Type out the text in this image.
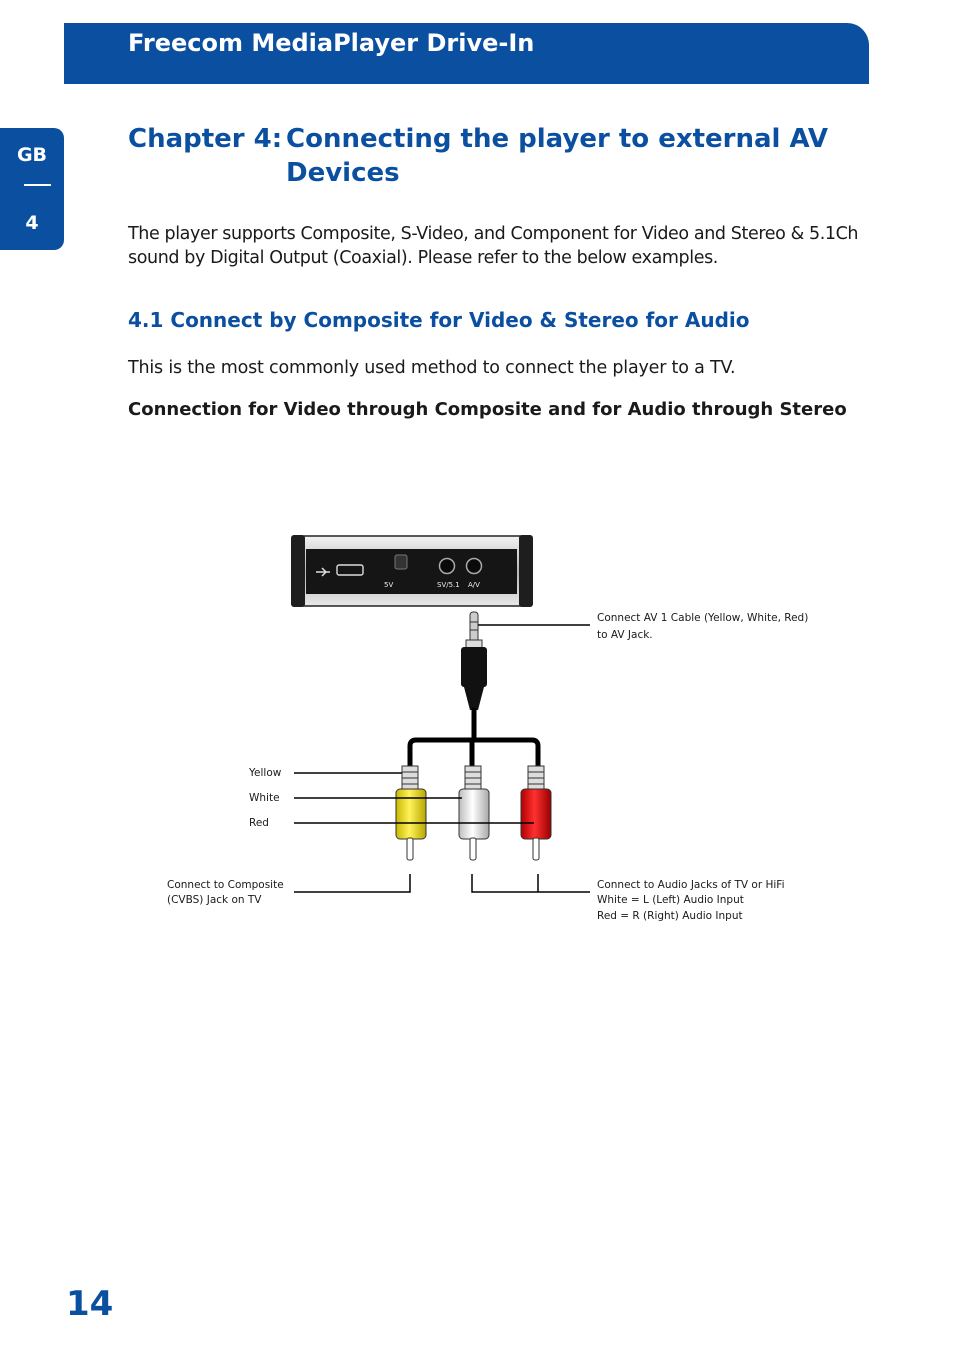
Freecom MediaPlayer Drive-In
GB
4
Chapter 4: Connecting the player to external AV Devices

The player supports Composite, S-Video, and Component for Video and Stereo & 5.1Ch sound by Digital Output (Coaxial). Please refer to the below examples.

4.1 Connect by Composite for Video & Stereo for Audio

This is the most commonly used method to connect the player to a TV.

Connection for Video through Composite and for Audio through Stereo
5V	SV/5.1 A/V
Connect AV 1 Cable (Yellow, White, Red)
to AV Jack.
Yellow
White
Red
Connect to Composite
(CVBS) Jack on TV
Connect to Audio Jacks of TV or HiFi
White = L (Left) Audio Input
Red = R (Right) Audio Input

14
